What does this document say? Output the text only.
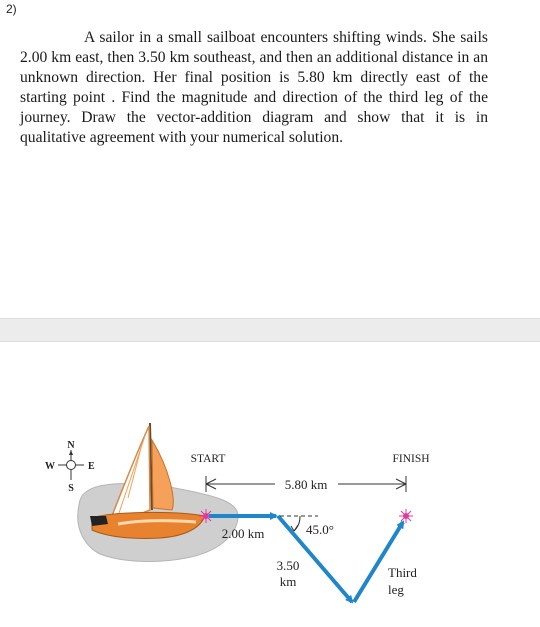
2)

A sailor in a small sailboat encounters shifting winds. She sails 2.00 km east, then 3.50 km southeast, and then an additional distance in an unknown direction. Her final position is 5.80 km directly east of the starting point . Find the magnitude and direction of the third leg of the journey. Draw the vector-addition diagram and show that it is in qualitative agreement with your numerical solution.

N
S
W	E
START	FINISH
5.80 km
45.0°
2.00 km
3.50
km
Third
leg
